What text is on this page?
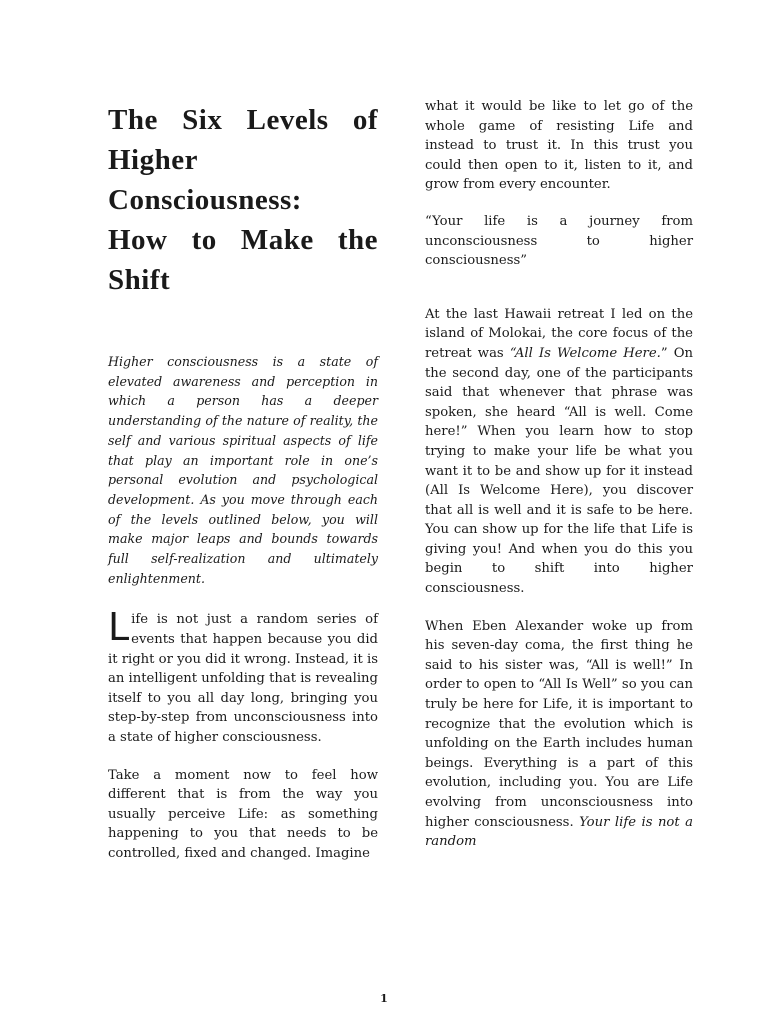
The Six Levels of
Higher
Consciousness:
How to Make the
Shift

Higher consciousness is a state of elevated awareness and perception in which a person has a deeper understanding of the nature of reality, the self and various spiritual aspects of life that play an important role in one’s personal evolution and psychological development. As you move through each of the levels outlined below, you will make major leaps and bounds towards full self-realization and ultimately enlightenment.

Life is not just a random series of events that happen because you did it right or you did it wrong. Instead, it is an intelligent unfolding that is revealing itself to you all day long, bringing you step-by-step from unconsciousness into a state of higher consciousness.

Take a moment now to feel how different that is from the way you usually perceive Life: as something happening to you that needs to be controlled, fixed and changed. Imagine

what it would be like to let go of the whole game of resisting Life and instead to trust it. In this trust you could then open to it, listen to it, and grow from every encounter.

“Your life is a journey from unconsciousness to higher consciousness”

At the last Hawaii retreat I led on the island of Molokai, the core focus of the retreat was “All Is Welcome Here.” On the second day, one of the participants said that whenever that phrase was spoken, she heard “All is well. Come here!” When you learn how to stop trying to make your life be what you want it to be and show up for it instead (All Is Welcome Here), you discover that all is well and it is safe to be here. You can show up for the life that Life is giving you! And when you do this you begin to shift into higher consciousness.

When Eben Alexander woke up from his seven-day coma, the first thing he said to his sister was, “All is well!” In order to open to “All Is Well” so you can truly be here for Life, it is important to recognize that the evolution which is unfolding on the Earth includes human beings. Everything is a part of this evolution, including you. You are Life evolving from unconsciousness into higher consciousness. Your life is not a random

1
